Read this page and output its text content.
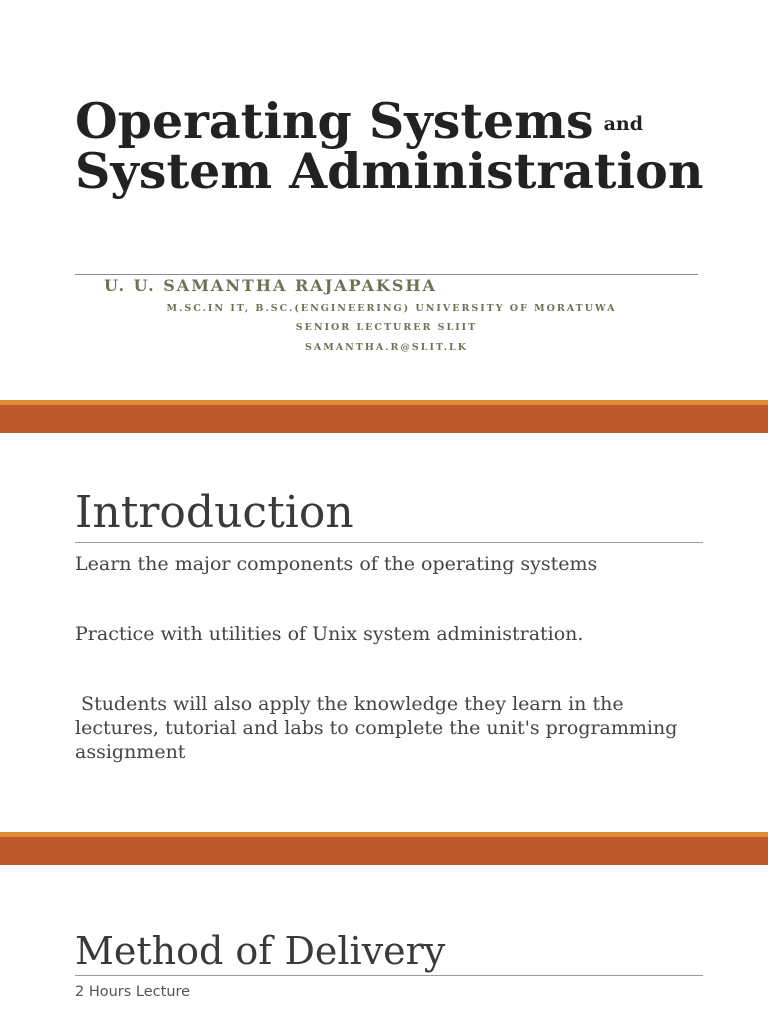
Operating Systems and
System Administration
U. U. SAMANTHA RAJAPAKSHA
M.SC.IN IT, B.SC.(ENGINEERING) UNIVERSITY OF MORATUWA
SENIOR LECTURER SLIIT
SAMANTHA.R@SLIT.LK
Introduction
Learn the major components of the operating systems
Practice with utilities of Unix system administration.
Students will also apply the knowledge they learn in the lectures, tutorial and labs to complete the unit's programming assignment
Method of Delivery
2 Hours Lecture
